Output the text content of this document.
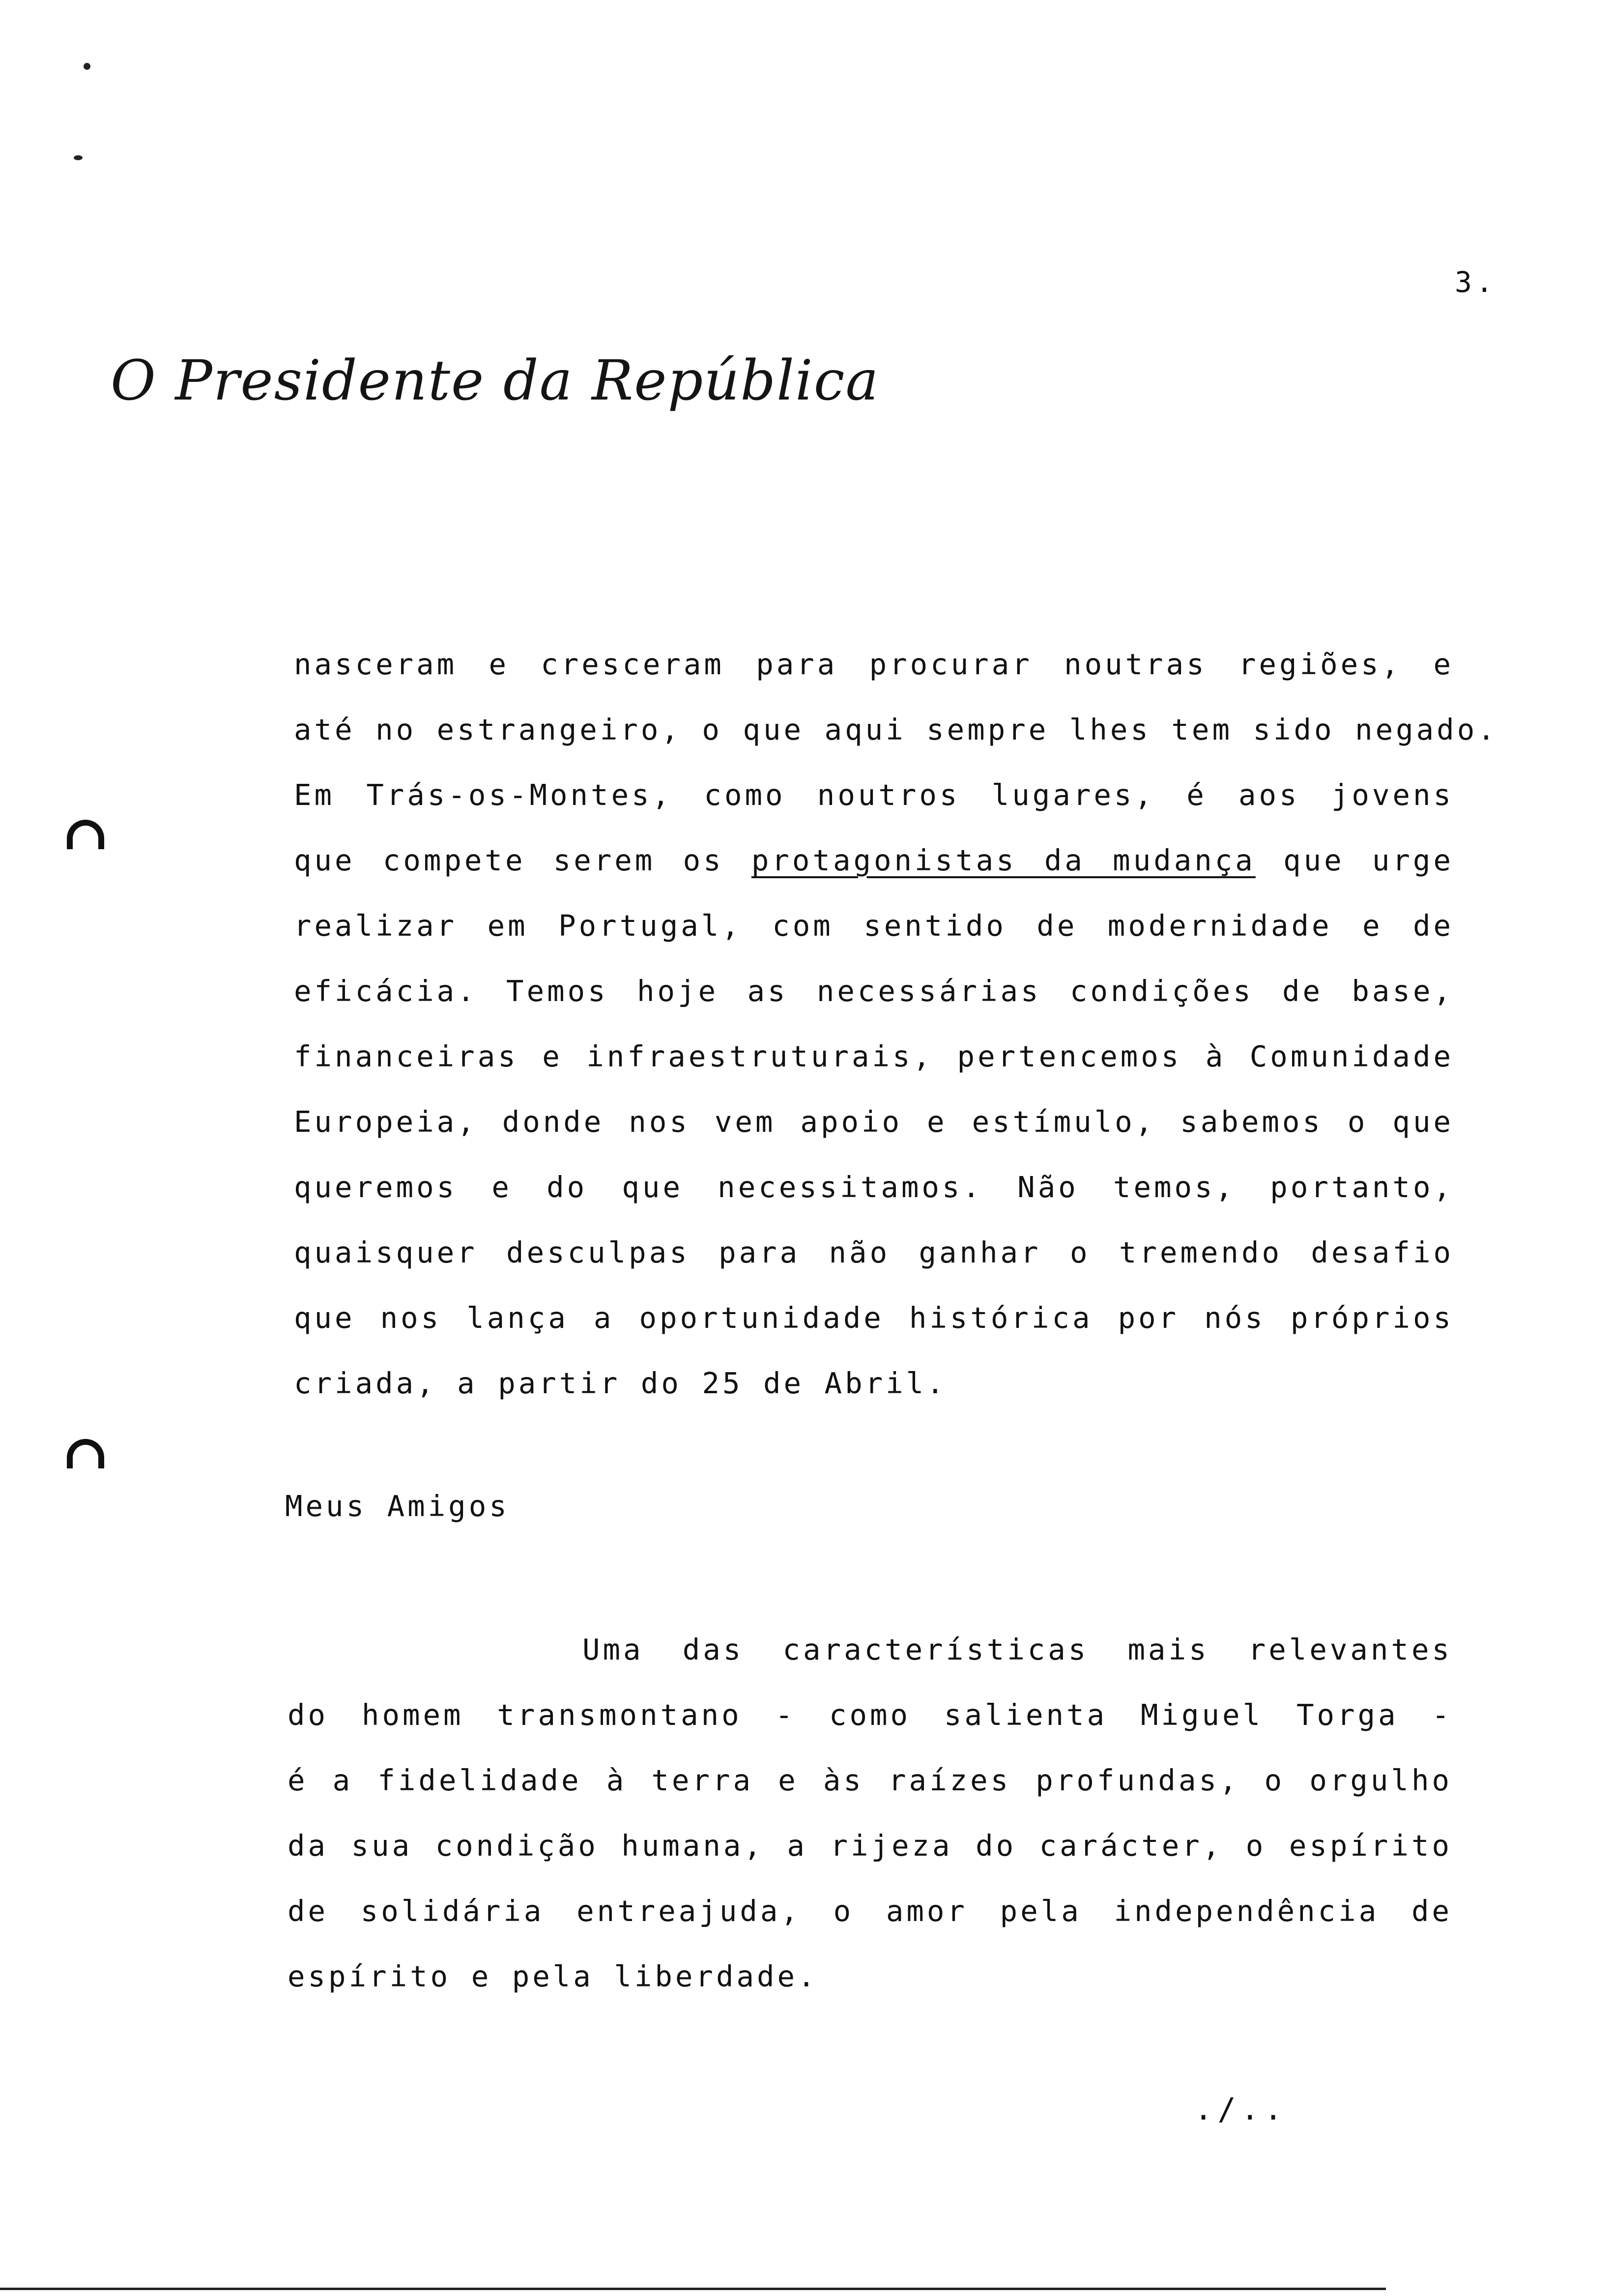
3.
O Presidente da República
nasceram e cresceram para procurar noutras regiões, e
até no estrangeiro, o que aqui sempre lhes tem sido negado.
Em Trás-os-Montes, como noutros lugares, é aos jovens
que compete serem os protagonistas da mudança que urge
realizar em Portugal, com sentido de modernidade e de
eficácia. Temos hoje as necessárias condições de base,
financeiras e infraestruturais, pertencemos à Comunidade
Europeia, donde nos vem apoio e estímulo, sabemos o que
queremos e do que necessitamos. Não temos, portanto,
quaisquer desculpas para não ganhar o tremendo desafio
que nos lança a oportunidade histórica por nós próprios
criada, a partir do 25 de Abril.
Meus Amigos
Uma das características mais relevantes
do homem transmontano - como salienta Miguel Torga -
é a fidelidade à terra e às raízes profundas, o orgulho
da sua condição humana, a rijeza do carácter, o espírito
de solidária entreajuda, o amor pela independência de
espírito e pela liberdade.
./..
